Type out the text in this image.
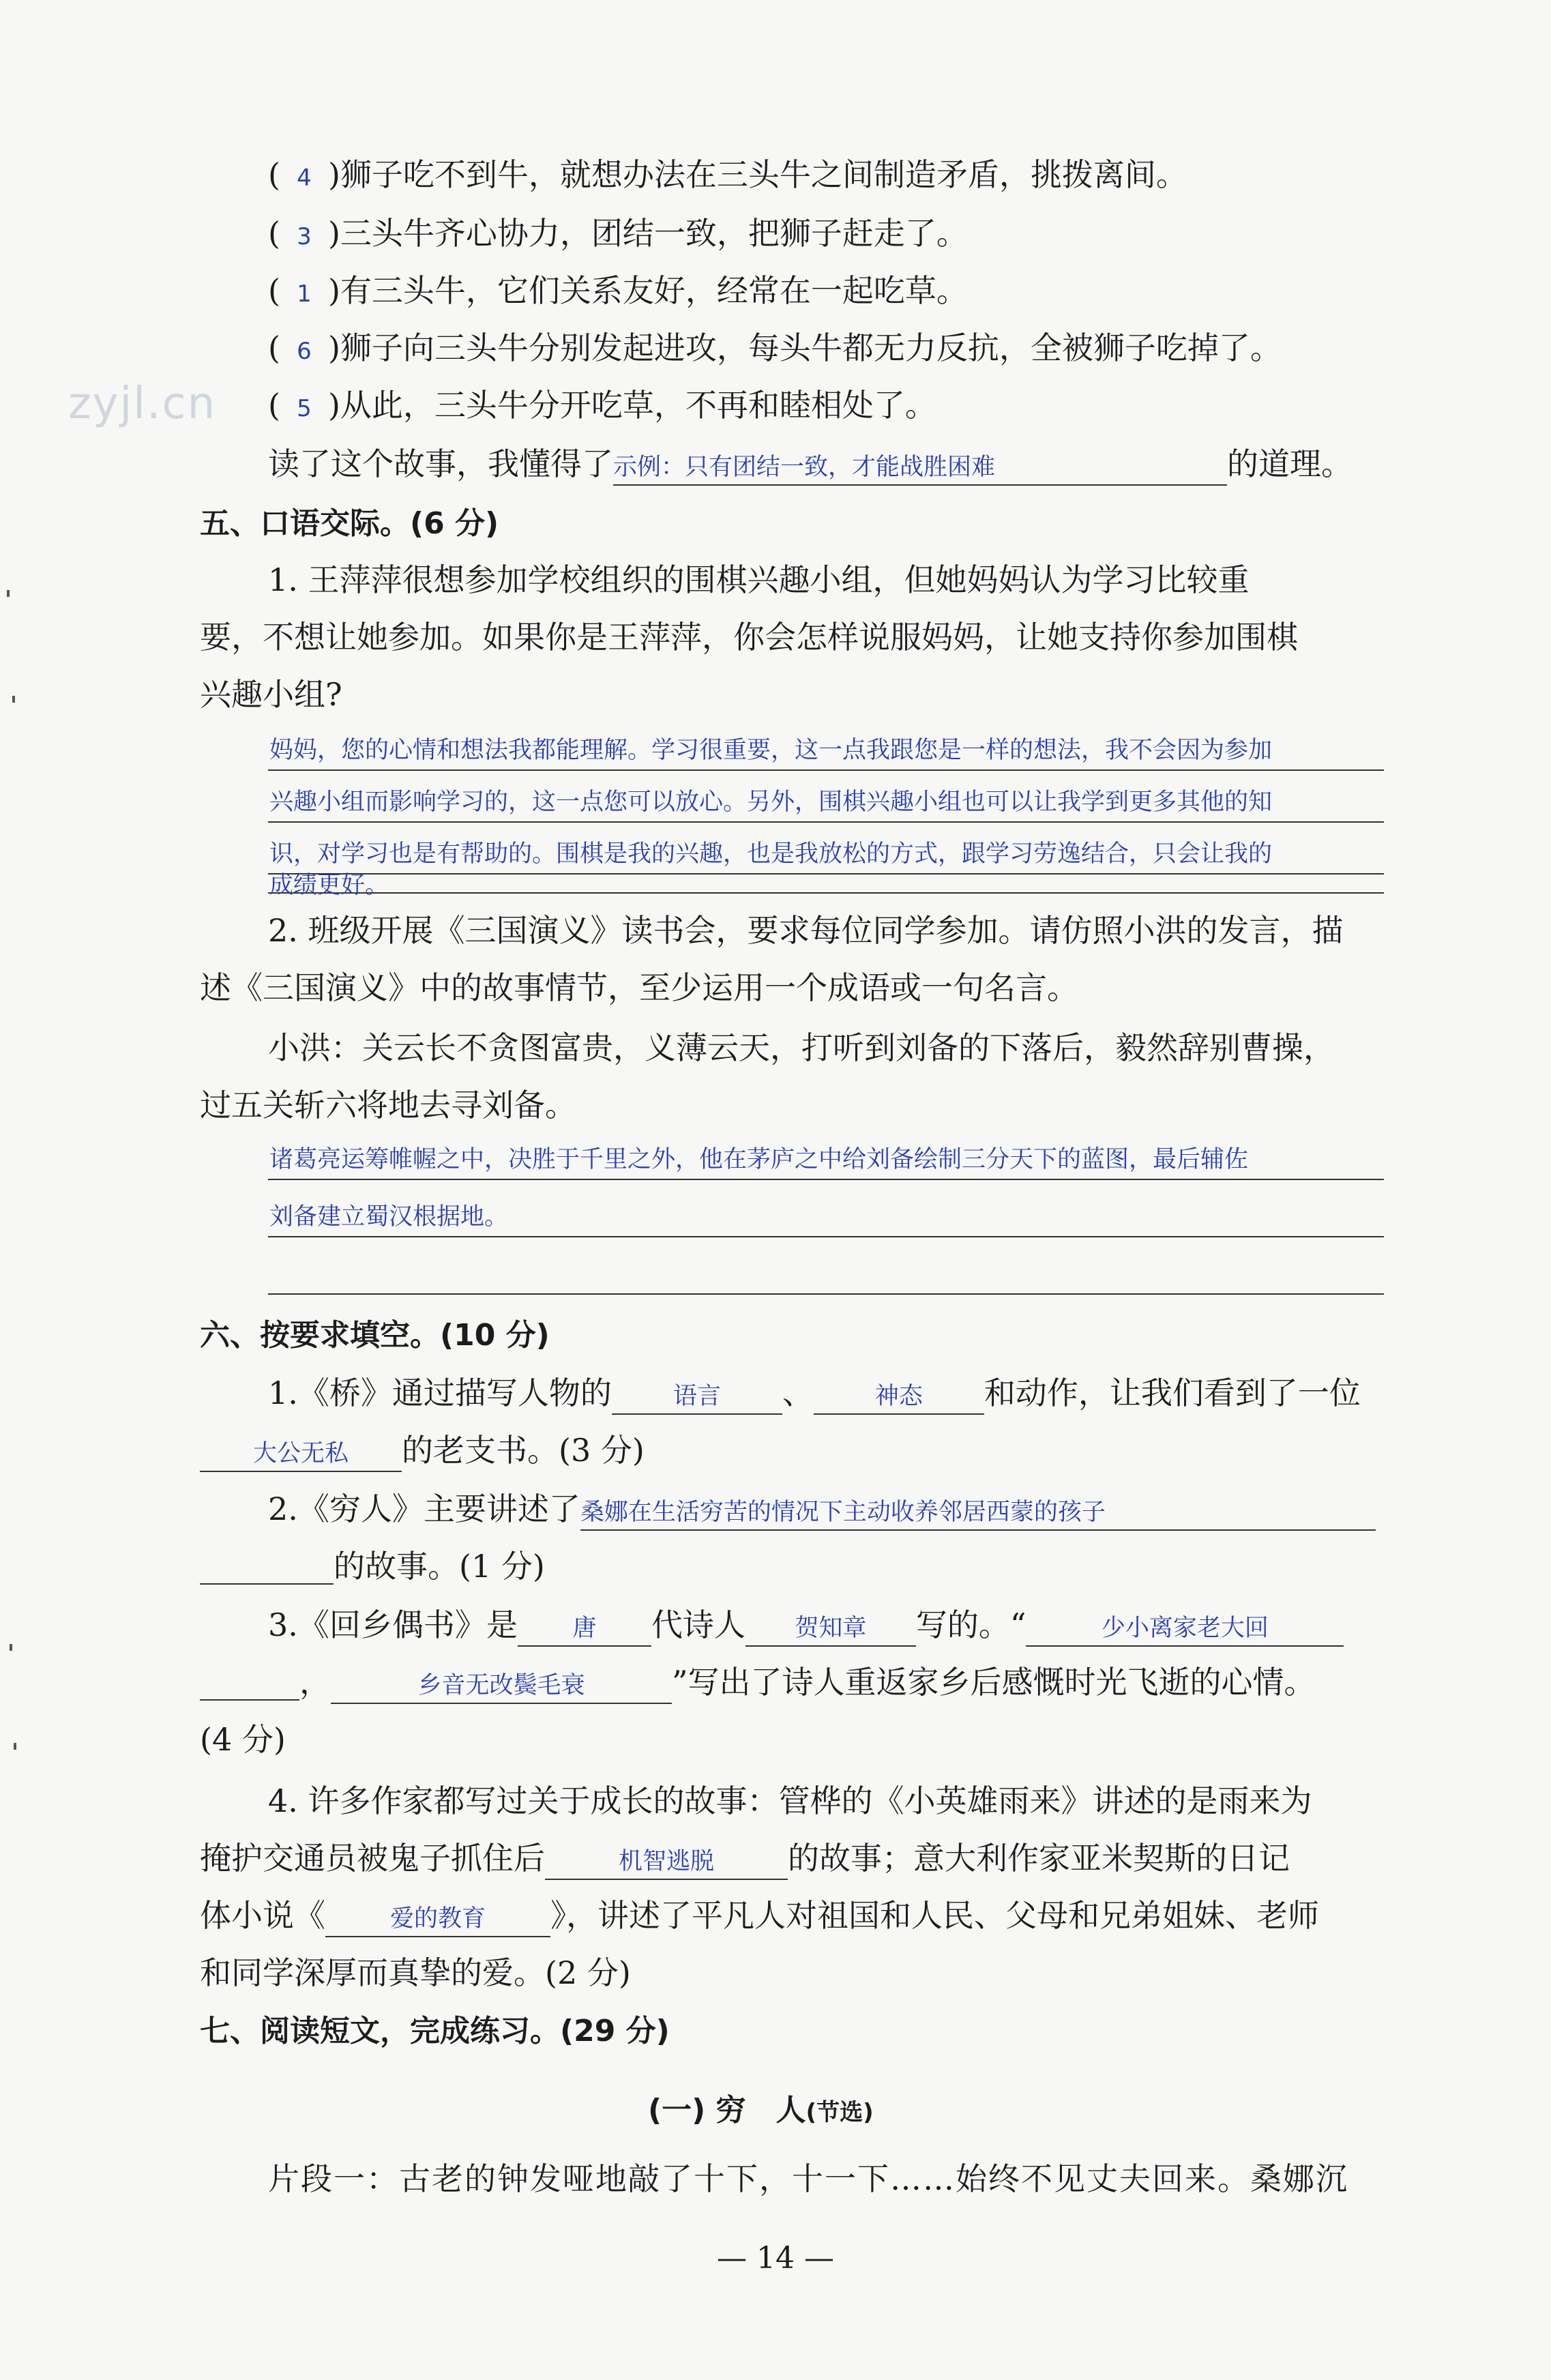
zyjl.cn
( 4 )狮子吃不到牛，就想办法在三头牛之间制造矛盾，挑拨离间。
( 3 )三头牛齐心协力，团结一致，把狮子赶走了。
( 1 )有三头牛，它们关系友好，经常在一起吃草。
( 6 )狮子向三头牛分别发起进攻，每头牛都无力反抗，全被狮子吃掉了。
( 5 )从此，三头牛分开吃草，不再和睦相处了。
读了这个故事，我懂得了示例：只有团结一致，才能战胜困难	的道理。
五、口语交际。(6 分)
1. 王萍萍很想参加学校组织的围棋兴趣小组，但她妈妈认为学习比较重
要，不想让她参加。如果你是王萍萍，你会怎样说服妈妈，让她支持你参加围棋
兴趣小组?
妈妈，您的心情和想法我都能理解。学习很重要，这一点我跟您是一样的想法，我不会因为参加
兴趣小组而影响学习的，这一点您可以放心。另外，围棋兴趣小组也可以让我学到更多其他的知
识，对学习也是有帮助的。围棋是我的兴趣，也是我放松的方式，跟学习劳逸结合，只会让我的
成绩更好。
2. 班级开展《三国演义》读书会，要求每位同学参加。请仿照小洪的发言，描
述《三国演义》中的故事情节，至少运用一个成语或一句名言。
小洪：关云长不贪图富贵，义薄云天，打听到刘备的下落后，毅然辞别曹操，
过五关斩六将地去寻刘备。
诸葛亮运筹帷幄之中，决胜于千里之外，他在茅庐之中给刘备绘制三分天下的蓝图，最后辅佐
刘备建立蜀汉根据地。
六、按要求填空。(10 分)
1.《桥》通过描写人物的	语言 、	神态 和动作，让我们看到了一位
大公无私 的老支书。(3 分)
2.《穷人》主要讲述了桑娜在生活穷苦的情况下主动收养邻居西蒙的孩子
的故事。(1 分)
3.《回乡偶书》是 唐 代诗人 贺知章 写的。“	少小离家老大回
，	乡音无改鬓毛衰	”写出了诗人重返家乡后感慨时光飞逝的心情。
(4 分)
4. 许多作家都写过关于成长的故事：管桦的《小英雄雨来》讲述的是雨来为
掩护交通员被鬼子抓住后	机智逃脱 的故事；意大利作家亚米契斯的日记
体小说《	爱的教育 》，讲述了平凡人对祖国和人民、父母和兄弟姐妹、老师
和同学深厚而真挚的爱。(2 分)
七、阅读短文，完成练习。(29 分)
(一) 穷　人(节选)
片段一：古老的钟发哑地敲了十下，十一下……始终不见丈夫回来。桑娜沉
— 14 —
